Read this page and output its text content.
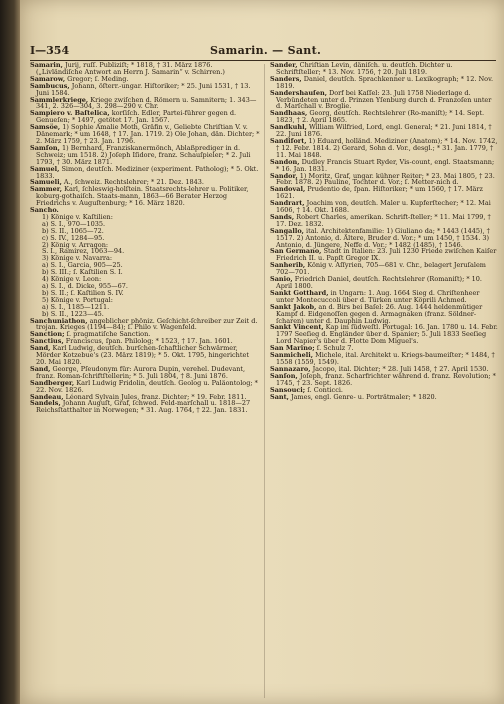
I—354	Samarin. — Sant.

Samarin, Jurij, ruſſ. Publiziſt; * 1818, † 31. März 1876. („Livländiſche Antwort an Herrn J. Samarin“ v. Schirren.)

Samarow, Gregor; ſ. Meding.

Sambucus, Johann, öſterr.-ungar. Hiſtoriker; * 25. Juni 1531, † 13. Juni 1584.

Sammlerkriege, Kriege zwiſchen d. Römern u. Samnitern; 1. 343—341, 2. 326—304, 3. 298—290 v. Chr.

Sampiero v. Baſtelica, korſiſch. Edler, Partei-führer gegen d. Genueſen; * 1497, getötet 17. Jan. 1567.

Samsöe, 1) Sophie Amalie Moth, Gräfin v., Geliebte Chriſtian V. v. Dänemark; * um 1648, † 17. Jan. 1719. 2) Ole Johan, dän. Dichter; * 2. März 1759, † 23. Jan. 1796.

Samſon, 1) Bernhard, Franziskanermönch, Ablaßprediger in d. Schweiz; um 1518. 2) Joſeph Iſidore, franz. Schauſpieler; * 2. Juli 1793, † 30. März 1871.

Samuel, Simon, deutſch. Mediziner (experiment. Patholog); * 5. Okt. 1833.

Samueli, A., ſchweiz. Rechtslehrer; * 21. Dez. 1843.

Sammer, Karl, ſchleswig-holſtein. Staatsrechts-lehrer u. Politiker, koburg-gothaiſch. Staats-mann, 1863—66 Berater Herzog Friedrichs v. Auguſtenburg; * 16. März 1820.

Sancho.

1) Könige v. Kaſtilien:

a) S. I., 970—1035.

b) S. II., 1065—72.

c) S. IV., 1284—95.

2) König v. Arragon:

S. I., Ramirez, 1063—94.

3) Könige v. Navarra:

a) S. I., Garcia, 905—25.

b) S. III.; ſ. Kaſtilien S. I.

4) Könige v. Leon:

a) S. I., d. Dicke, 955—67.

b) S. II.; ſ. Kaſtilien S. IV.

5) Könige v. Portugal:

a) S. I., 1185—1211.

b) S. II., 1223—45.

Sanchuniathon, angeblicher phöniz. Geſchicht-ſchreiber zur Zeit d. trojan. Krieges (1194—84); ſ. Philo v. Wagenfeld.

Sanction; ſ. pragmatiſche Sanction.

Sanctius, Franciscus, ſpan. Philolog; * 1523, † 17. Jan. 1601.

Sand, Karl Ludwig, deutſch. burſchen-ſchaftlicher Schwärmer, Mörder Kotzebue's (23. März 1819); * 5. Okt. 1795, hingerichtet 20. Mai 1820.

Sand, George, Pſeudonym für: Aurora Dupin, verehel. Dudevant, franz. Roman-ſchriftſtellerin; * 5. Juli 1804, † 8. Juni 1876.

Sandberger, Karl Ludwig Fridolin, deutſch. Geolog u. Paläontolog; * 22. Nov. 1826.

Sandeau, Léonard Sylvain Jules, franz. Dichter; * 19. Febr. 1811.

Sandels, Johann Auguſt, Graf, ſchwed. Feld-marſchall u. 1818—27 Reichsſtatthalter in Norwegen; * 31. Aug. 1764, † 22. Jan. 1831.

Sander, Chriſtian Levin, däniſch. u. deutſch. Dichter u. Schriftſteller; * 13. Nov. 1756, † 20. Juli 1819.

Sanders, Daniel, deutſch. Sprachkenner u. Lexikograph; * 12. Nov. 1819.

Sandershauſen, Dorf bei Kaſſel: 23. Juli 1758 Niederlage d. Verbündeten unter d. Prinzen Yſenburg durch d. Franzoſen unter d. Marſchall v. Broglie.

Sandhaas, Georg, deutſch. Rechtslehrer (Ro-maniſt); * 14. Sept. 1823, † 2. April 1865.

Sandkuhl, William Wilfried, Lord, engl. General; * 21. Juni 1814, † 22. Juni 1876.

Sandifort, 1) Eduard, holländ. Mediziner (Anatom); * 14. Nov. 1742, † 12. Febr. 1814. 2) Gerard, Sohn d. Vor., desgl.; * 31. Jan. 1779, † 11. Mai 1848.

Sandon, Dudley Francis Stuart Ryder, Vis-count, engl. Staatsmann; * 16. Jan. 1831.

Sandor, 1) Moritz, Graf, ungar. kühner Reiter; * 23. Mai 1805, † 23. Febr. 1878. 2) Pauline, Tochter d. Vor.; ſ. Metter-nich d.

Sandoval, Prudentio de, ſpan. Hiſtoriker; * um 1560, † 17. März 1621.

Sandrart, Joachim von, deutſch. Maler u. Kupferſtecher; * 12. Mai 1606, † 14. Okt. 1688.

Sands, Robert Charles, amerikan. Schrift-ſteller; * 11. Mai 1799, † 17. Dez. 1832.

Sangallo, ital. Architektenfamilie: 1) Giuliano da; * 1443 (1445), † 1517. 2) Antonio, d. Ältere, Bruder d. Vor.; * um 1450, † 1534. 3) Antonio, d. Jüngere, Neffe d. Vor.; * 1482 (1485), † 1546.

San Germano, Stadt in Italien: 23. Juli 1230 Friede zwiſchen Kaiſer Friedrich II. u. Papſt Gregor IX.

Sanherib, König v. Aſſyrien, 705—681 v. Chr., belagert Jeruſalem 702—701.

Sanio, Friedrich Daniel, deutſch. Rechtslehrer (Romaniſt); * 10. April 1800.

Sankt Gotthard, in Ungarn: 1. Aug. 1664 Sieg d. Chriſtenheer unter Montecuccoli über d. Türken unter Köprili Achmed.

Sankt Jakob, an d. Birs bei Baſel: 26. Aug. 1444 heldenmütiger Kampf d. Eidgenoſſen gegen d. Armagnaken (franz. Söldner-ſcharen) unter d. Dauphin Ludwig.

Sankt Vincent, Kap im ſüdweſtl. Portugal: 16. Jan. 1780 u. 14. Febr. 1797 Seeſieg d. Engländer über d. Spanier; 5. Juli 1833 Seeſieg Lord Napier's über d. Flotte Dom Miguel's.

San Marino; ſ. Schulz 7.

Sanmicheli, Michele, ital. Architekt u. Kriegs-baumeiſter; * 1484, † 1558 (1559, 1549).

Sannazaro, Jacopo, ital. Dichter; * 28. Juli 1458, † 27. April 1530.

Sanſon, Joſeph, franz. Scharfrichter während d. franz. Revolution; * 1745, † 23. Sept. 1826.

Sansouci; ſ. Conticci.

Sant, James, engl. Genre- u. Porträtmaler; * 1820.
